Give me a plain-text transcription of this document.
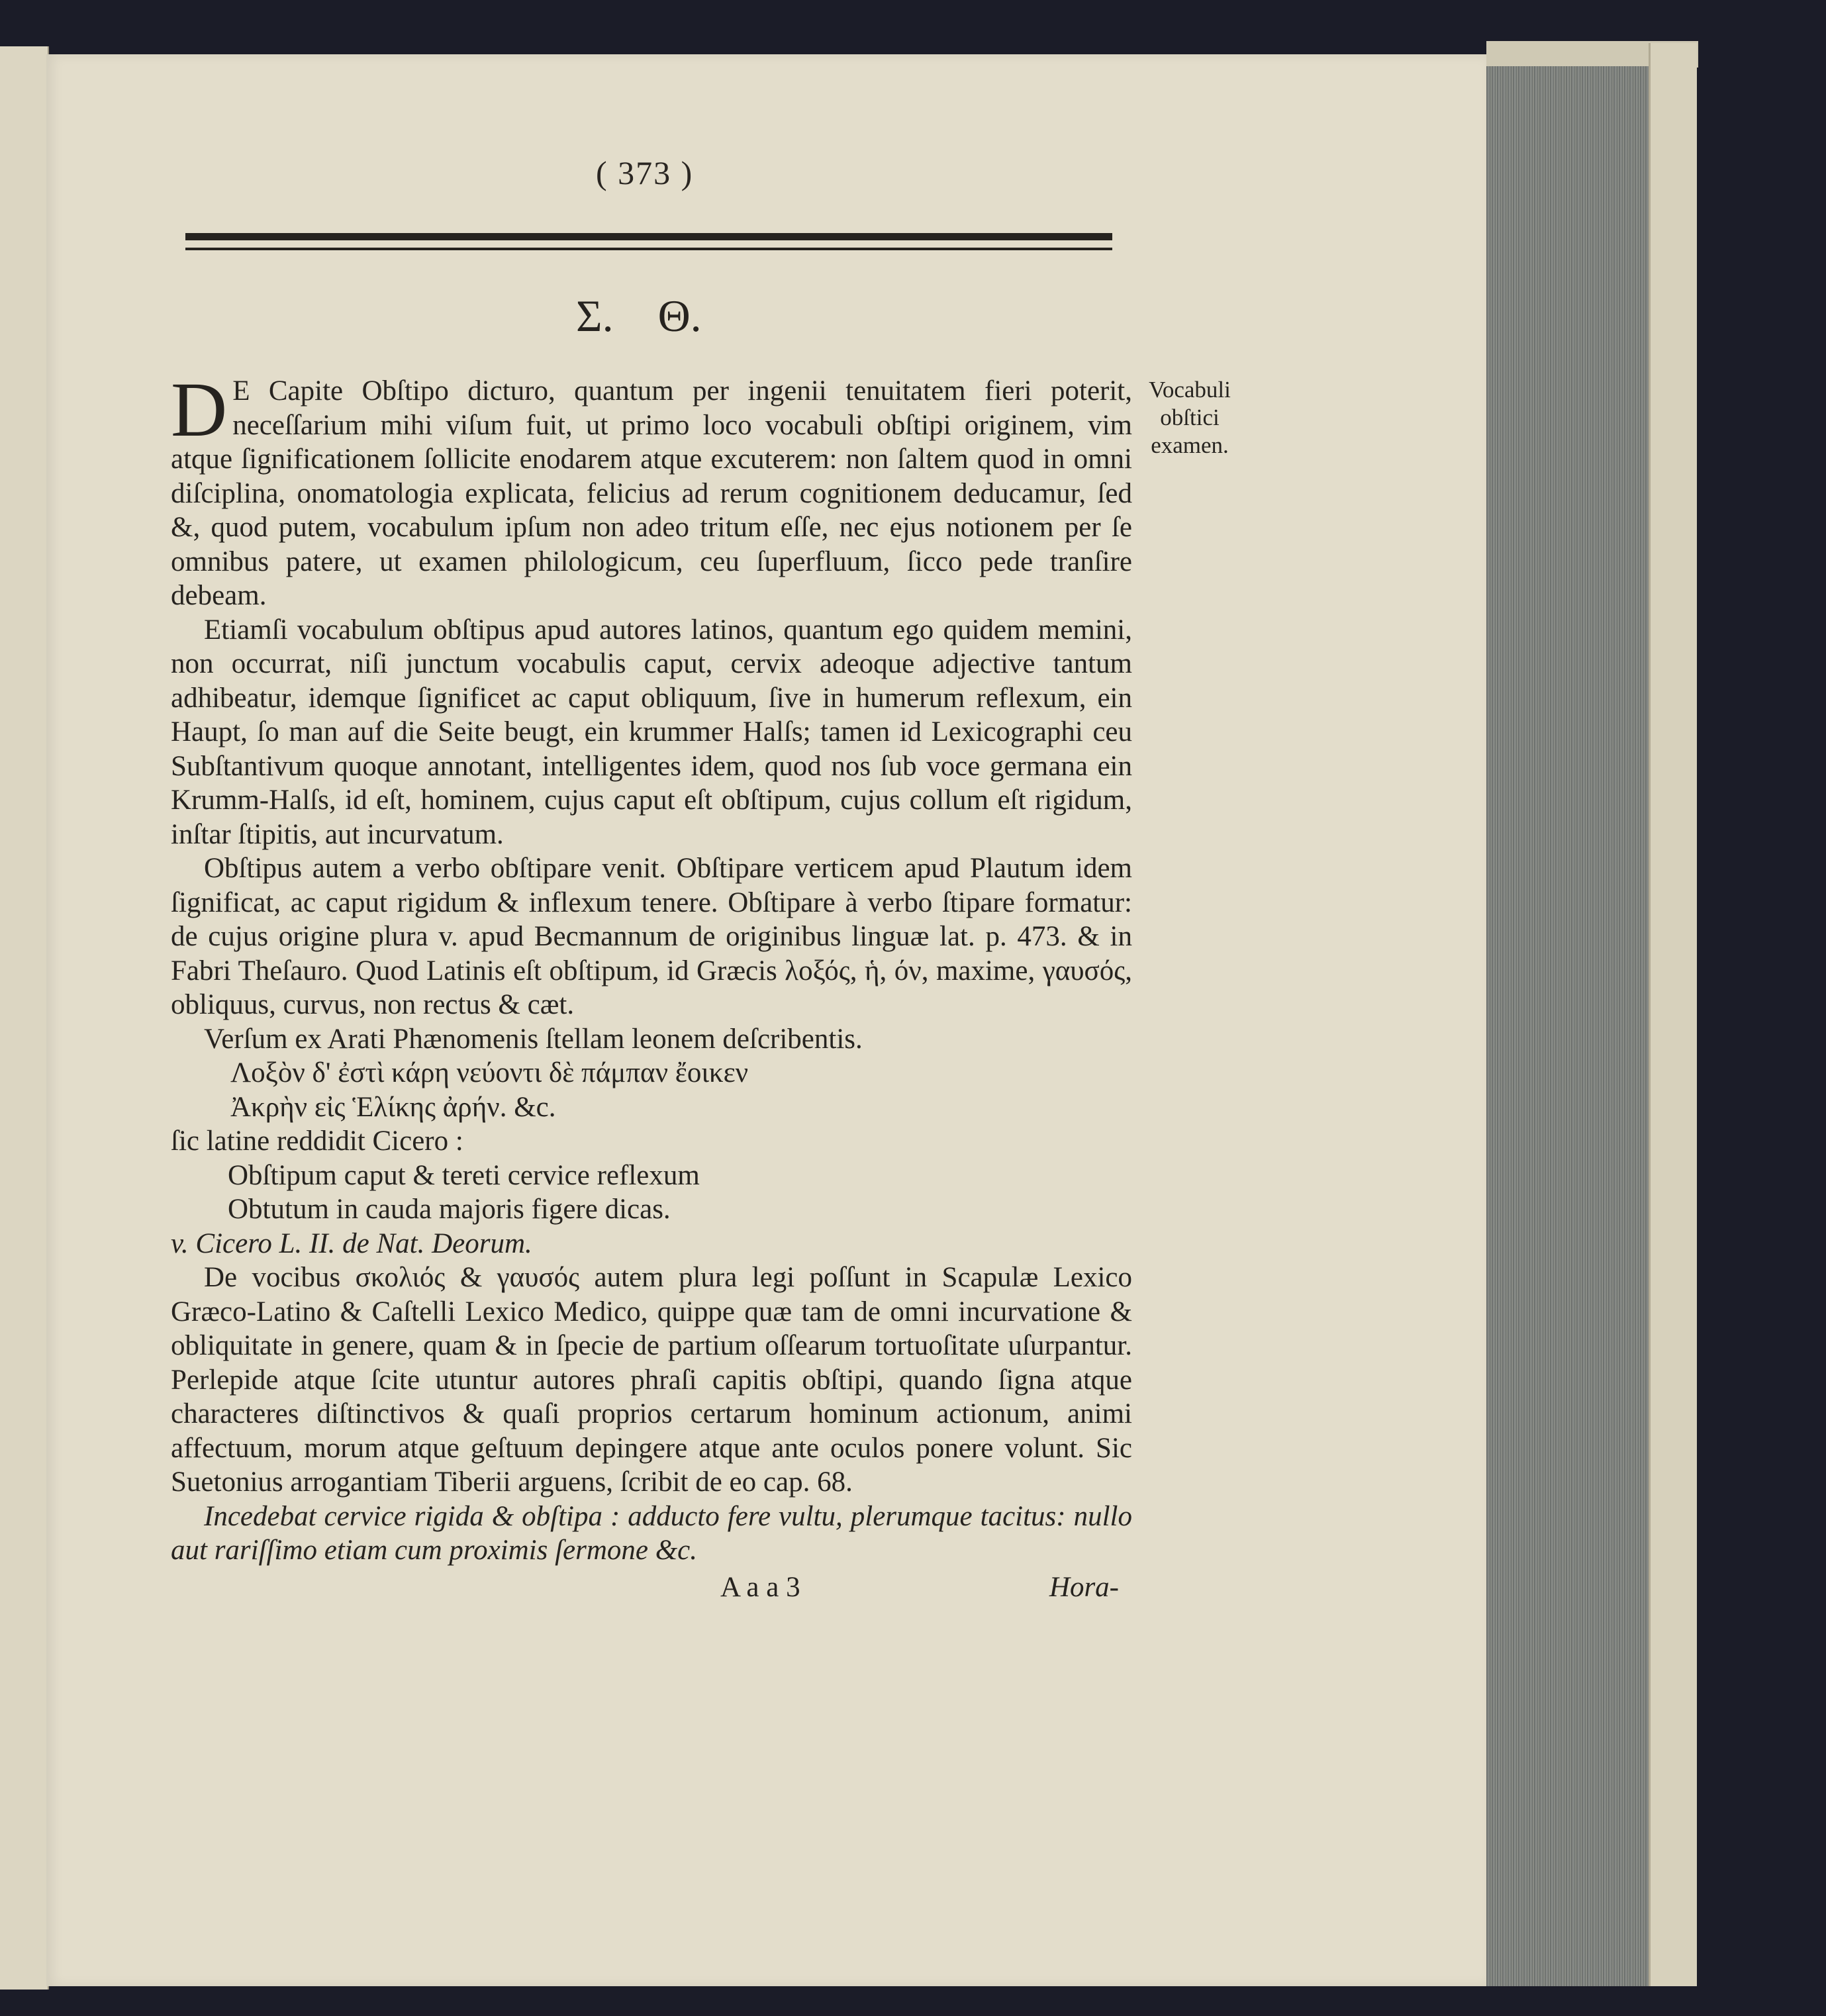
( 373 )
Σ. Θ.
Vocabuli obſtici examen.

D E Capite Obſtipo dicturo, quantum per ingenii tenuitatem fieri poterit, neceſſarium mihi viſum fuit, ut primo loco vocabuli obſtipi originem, vim atque ſignificationem ſollicite enodarem atque excuterem: non ſaltem quod in omni diſciplina, onomatologia explicata, felicius ad rerum cognitionem deducamur, ſed &, quod putem, vocabulum ipſum non adeo tritum eſſe, nec ejus notionem per ſe omnibus patere, ut examen philologicum, ceu ſuperfluum, ſicco pede tranſire debeam.

Etiamſi vocabulum obſtipus apud autores latinos, quantum ego quidem memini, non occurrat, niſi junctum vocabulis caput, cervix adeoque adjective tantum adhibeatur, idemque ſignificet ac caput obliquum, ſive in humerum reflexum, ein Haupt, ſo man auf die Seite beugt, ein krummer Halſs; tamen id Lexicographi ceu Subſtantivum quoque annotant, intelligentes idem, quod nos ſub voce germana ein Krumm-Halſs, id eſt, hominem, cujus caput eſt obſtipum, cujus collum eſt rigidum, inſtar ſtipitis, aut incurvatum.

Obſtipus autem a verbo obſtipare venit. Obſtipare verticem apud Plautum idem ſignificat, ac caput rigidum & inflexum tenere. Obſtipare à verbo ſtipare formatur: de cujus origine plura v. apud Becmannum de originibus linguæ lat. p. 473. & in Fabri Theſauro. Quod Latinis eſt obſtipum, id Græcis λοξός, ἡ, όν, maxime, γαυσός, obliquus, curvus, non rectus & cæt.

Verſum ex Arati Phænomenis ſtellam leonem deſcribentis.

Λοξὸν δ' ἐστὶ κάρη νεύοντι δὲ πάμπαν ἔοικεν

Ἀκρὴν εἰς Ἑλίκης ἀρήν. &c.

ſic latine reddidit Cicero :

Obſtipum caput & tereti cervice reflexum

Obtutum in cauda majoris figere dicas.

v. Cicero L. II. de Nat. Deorum.

De vocibus σκολιός & γαυσός autem plura legi poſſunt in Scapulæ Lexico Græco-Latino & Caſtelli Lexico Medico, quippe quæ tam de omni incurvatione & obliquitate in genere, quam & in ſpecie de partium oſſearum tortuoſitate uſurpantur. Perlepide atque ſcite utuntur autores phraſi capitis obſtipi, quando ſigna atque characteres diſtinctivos & quaſi proprios certarum hominum actionum, animi affectuum, morum atque geſtuum depingere atque ante oculos ponere volunt. Sic Suetonius arrogantiam Tiberii arguens, ſcribit de eo cap. 68.

Incedebat cervice rigida & obſtipa : adducto fere vultu, plerumque tacitus: nullo aut rariſſimo etiam cum proximis ſermone &c.

A a a 3	Hora-
